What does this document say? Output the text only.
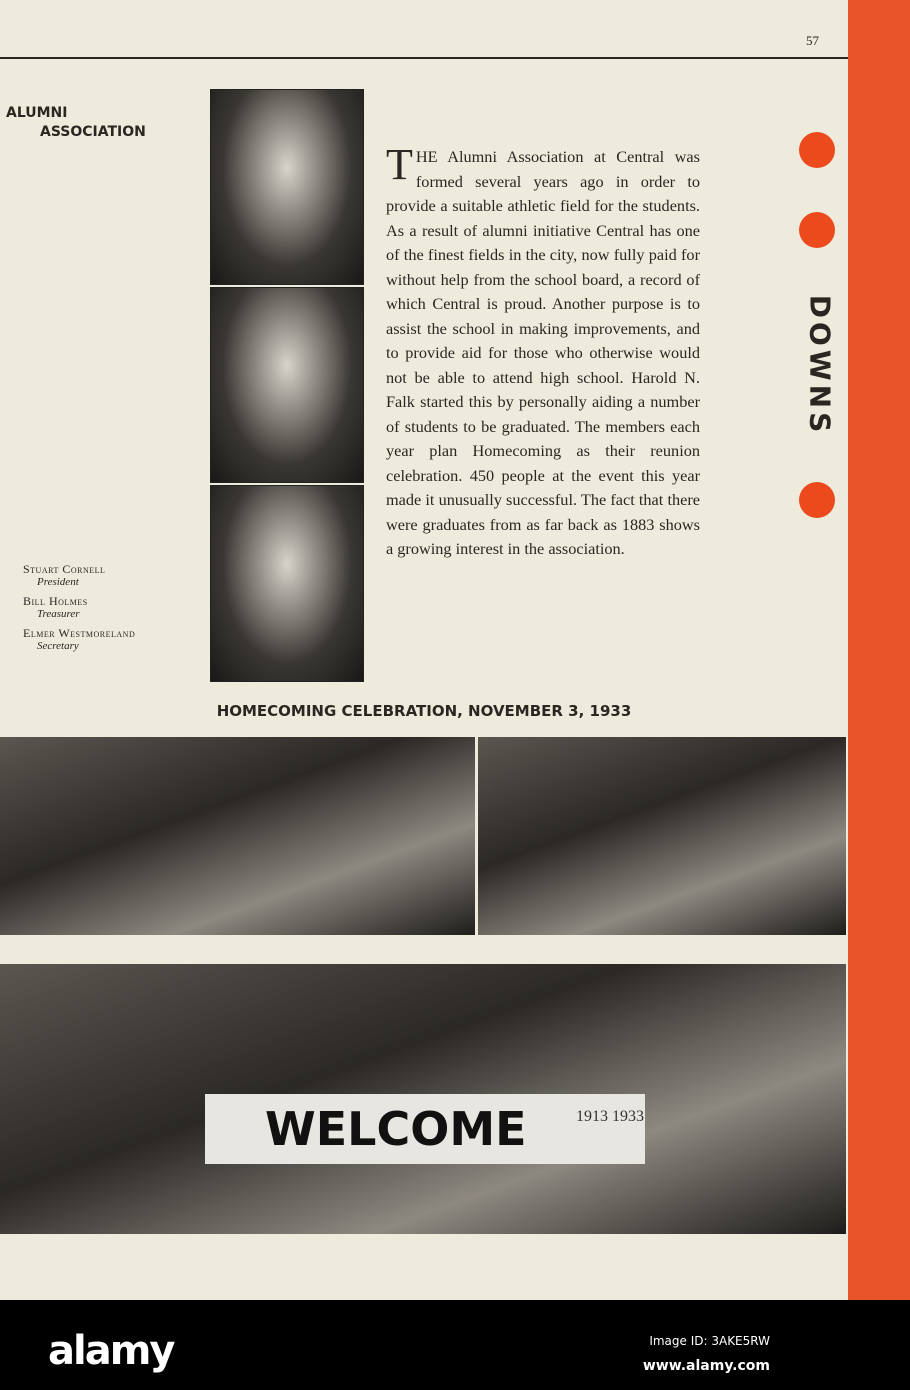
DOWNS
57
ALUMNI
ASSOCIATION
THE Alumni Association at Central was formed several years ago in order to provide a suitable athletic field for the students. As a result of alumni initiative Central has one of the finest fields in the city, now fully paid for without help from the school board, a record of which Central is proud. Another purpose is to assist the school in making improvements, and to provide aid for those who otherwise would not be able to attend high school. Harold N. Falk started this by personally aiding a number of students to be graduated. The members each year plan Homecoming as their reunion celebration. 450 people at the event this year made it unusually successful. The fact that there were graduates from as far back as 1883 shows a growing interest in the association.
Stuart Cornell
President
Bill Holmes
Treasurer
Elmer Westmoreland
Secretary
HOMECOMING CELEBRATION, NOVEMBER 3, 1933
WELCOME	1913 1933
alamy	Image ID: 3AKE5RW
www.alamy.com
